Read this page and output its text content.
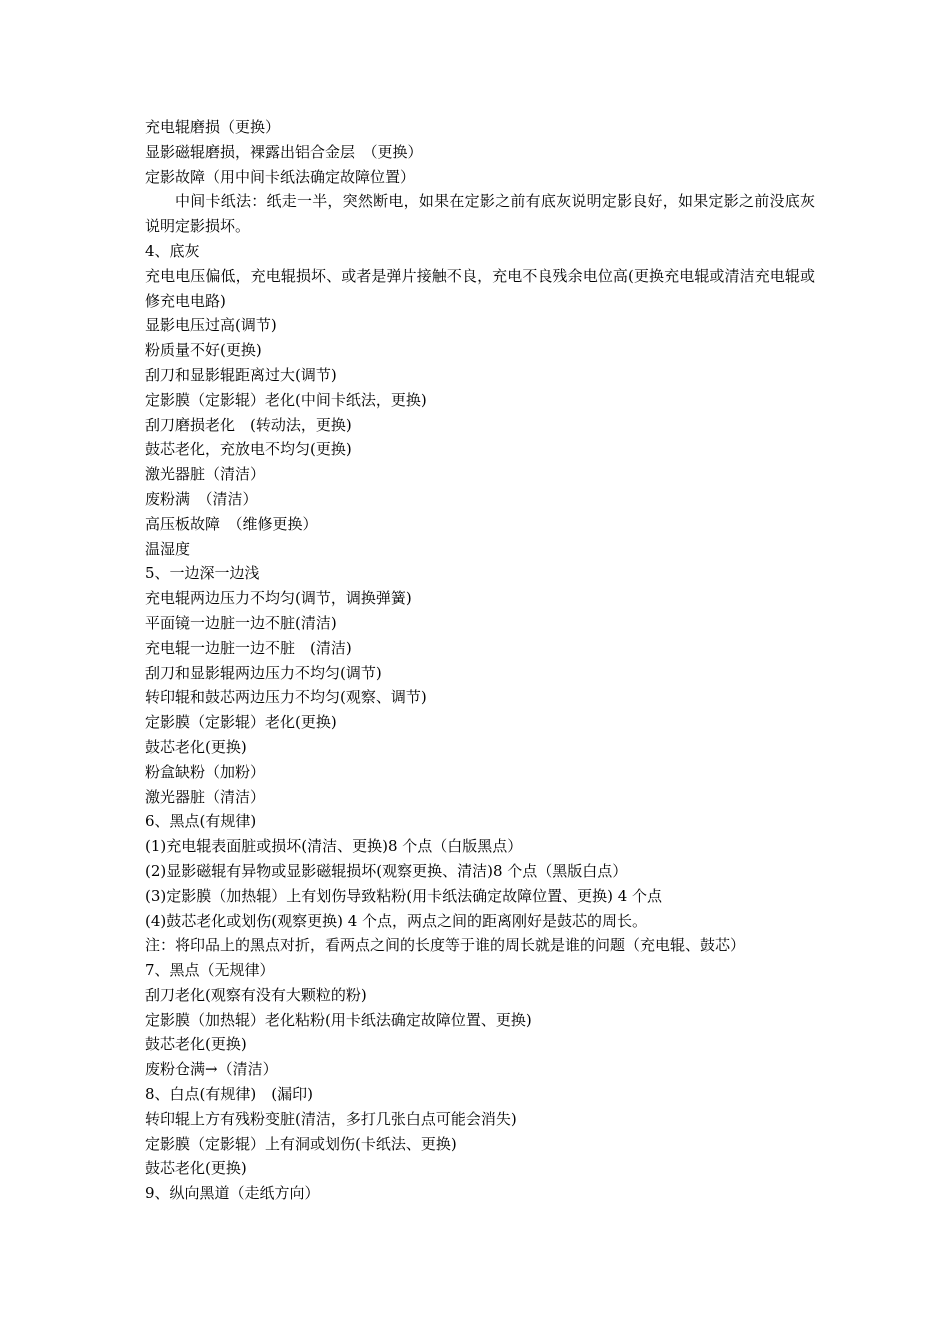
充电辊磨损（更换）
显影磁辊磨损，裸露出铝合金层　（更换）
定影故障（用中间卡纸法确定故障位置）
中间卡纸法：纸走一半，突然断电，如果在定影之前有底灰说明定影良好，如果定影之前没底灰说明定影损坏。
4、底灰
充电电压偏低，充电辊损坏、或者是弹片接触不良，充电不良残余电位高(更换充电辊或清洁充电辊或修充电电路)
显影电压过高(调节)
粉质量不好(更换)
刮刀和显影辊距离过大(调节)
定影膜（定影辊）老化(中间卡纸法，更换)
刮刀磨损老化　(转动法，更换)
鼓芯老化，充放电不均匀(更换)
激光器脏（清洁）
废粉满　（清洁）
高压板故障　（维修更换）
温湿度
5、一边深一边浅
充电辊两边压力不均匀(调节，调换弹簧)
平面镜一边脏一边不脏(清洁)
充电辊一边脏一边不脏　(清洁)
刮刀和显影辊两边压力不均匀(调节)
转印辊和鼓芯两边压力不均匀(观察、调节)
定影膜（定影辊）老化(更换)
鼓芯老化(更换)
粉盒缺粉（加粉）
激光器脏（清洁）
6、黑点(有规律)
(1)充电辊表面脏或损坏(清洁、更换)8 个点（白版黑点）
(2)显影磁辊有异物或显影磁辊损坏(观察更换、清洁)8 个点（黑版白点）
(3)定影膜（加热辊）上有划伤导致粘粉(用卡纸法确定故障位置、更换) 4 个点
(4)鼓芯老化或划伤(观察更换) 4 个点，两点之间的距离刚好是鼓芯的周长。
注：将印品上的黑点对折，看两点之间的长度等于谁的周长就是谁的问题（充电辊、鼓芯）
7、黑点（无规律）
刮刀老化(观察有没有大颗粒的粉)
定影膜（加热辊）老化粘粉(用卡纸法确定故障位置、更换)
鼓芯老化(更换)
废粉仓满→（清洁）
8、白点(有规律)　(漏印)
转印辊上方有残粉变脏(清洁，多打几张白点可能会消失)
定影膜（定影辊）上有洞或划伤(卡纸法、更换)
鼓芯老化(更换)
9、纵向黑道（走纸方向）
